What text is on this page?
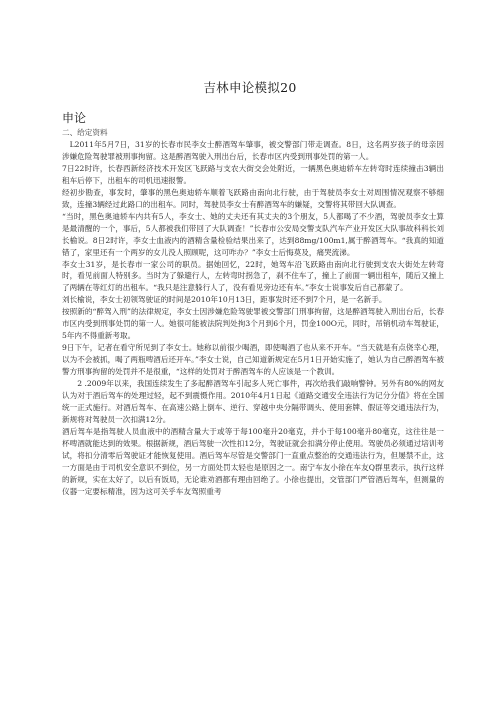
吉林申论模拟20
申论
二、给定资料

L2011年5月7日，31岁的长春市民李女士醉酒驾车肇事，被交警部门带走调查。8日，这名两岁孩子的母亲因涉嫌危险驾驶罪被刑事拘留。这是醉酒驾驶入刑出台后，长春市区内受到刑事处罚的第一人。

7日22时许，长春西新经济技术开发区飞跃路与支农大街交会处附近，一辆黑色奥迪轿车左转弯时连续撞击3辆出租车后停下，出租车的司机迅速报警。

经初步勘查，事发时，肇事的黑色奥迪轿车顺着飞跃路由南向北行驶，由于驾驶员李女士对周围情况观察不够细致，连撞3辆经过此路口的出租车。同时，驾驶员李女士有醉酒驾车的嫌疑，交警将其带回大队调查。

“当时，黑色奥迪轿车内共有5人，李女士、她的丈夫还有其丈夫的3个朋友，5人都喝了不少酒，驾驶员李女士算是最清醒的一个，事后，5人都被我们带回了大队调查！”长春市公安局交警支队汽车产业开发区大队事故科科长刘长榆说。8日2时许，李女士血液内的酒精含量检验结果出来了，达到88mg/100m1,属于醉酒驾车。“我真的知道错了，家里还有一个两岁的女儿没人照顾呢，这可咋办？”李女士后悔莫及，痛哭流涕。

李女士31岁，是长春市一家公司的职员。据她回忆，22时，她驾车沿飞跃路由南向北行驶到支农大街处左转弯时，看见前面人特别多。当时为了躲避行人，左转弯时拐急了，刹不住车了，撞上了前面一辆出租车，随后又撞上了两辆在等红灯的出租车。“我只是注意躲行人了，没有看见旁边还有车。”李女士说事发后自己都蒙了。

刘长榆说，李女士初领驾驶证的时间是2010年10月13日，距事发时还不到7个月，是一名新手。

按照新的“醉驾入刑”的法律规定，李女士因涉嫌危险驾驶罪被交警部门刑事拘留，这是醉酒驾驶入刑出台后，长春市区内受到刑事处罚的第一人。她很可能被法院判处拘3个月到6个月，罚金100O元，同时，吊销机动车驾驶证，5年内不得重新考取。

9日下午，记者在看守所见到了李女士。她称以前很少喝酒，即使喝酒了也从来不开车。“当天就是有点侥幸心理，以为不会被抓，喝了两瓶啤酒后还开车。”李女士说，自己知道新规定在5月1日开始实施了，她认为自己醉酒驾车被警方刑事拘留的处罚并不是很重，“这样的处罚对于醉酒驾车的人应该是一个教训。

2 .2009年以来，我国连续发生了多起醉酒驾车引起多人死亡事件，再次给我们敲响警钟。另外有80%的网友认为对于酒后驾车的处理过轻，起不到震慑作用。2010年4月1日起《道路交通安全违法行为记分分值》将在全国统一正式施行。对酒后驾车、在高速公路上倒车、逆行、穿越中央分隔带调头、使用套牌、假证等交通违法行为，新规将对驾驶员一次扣满12分。

酒后驾车是指驾驶人员血液中的酒精含量大于或等于每100毫升20毫克，并小于每100毫升80毫克，这往往是一杯啤酒就能达到的效果。根据新规，酒后驾驶一次性扣12分，驾驶证就会扣满分停止使用。驾驶员必须通过培训考试，将扣分清零后驾驶证才能恢复使用。酒后驾车尽管是交警部门一直重点整治的交通违法行为，但屡禁不止，这一方面是由于司机安全意识不到位，另一方面处罚太轻也是原因之一。南宁车友小徐在车友Q群里表示，执行这样的新规，实在太好了，以后有饭局，无论谁劝酒都有理由回绝了。小徐也提出，交管部门严管酒后驾车，但测量的仪器一定要标精准，因为这可关乎车友驾照重考
